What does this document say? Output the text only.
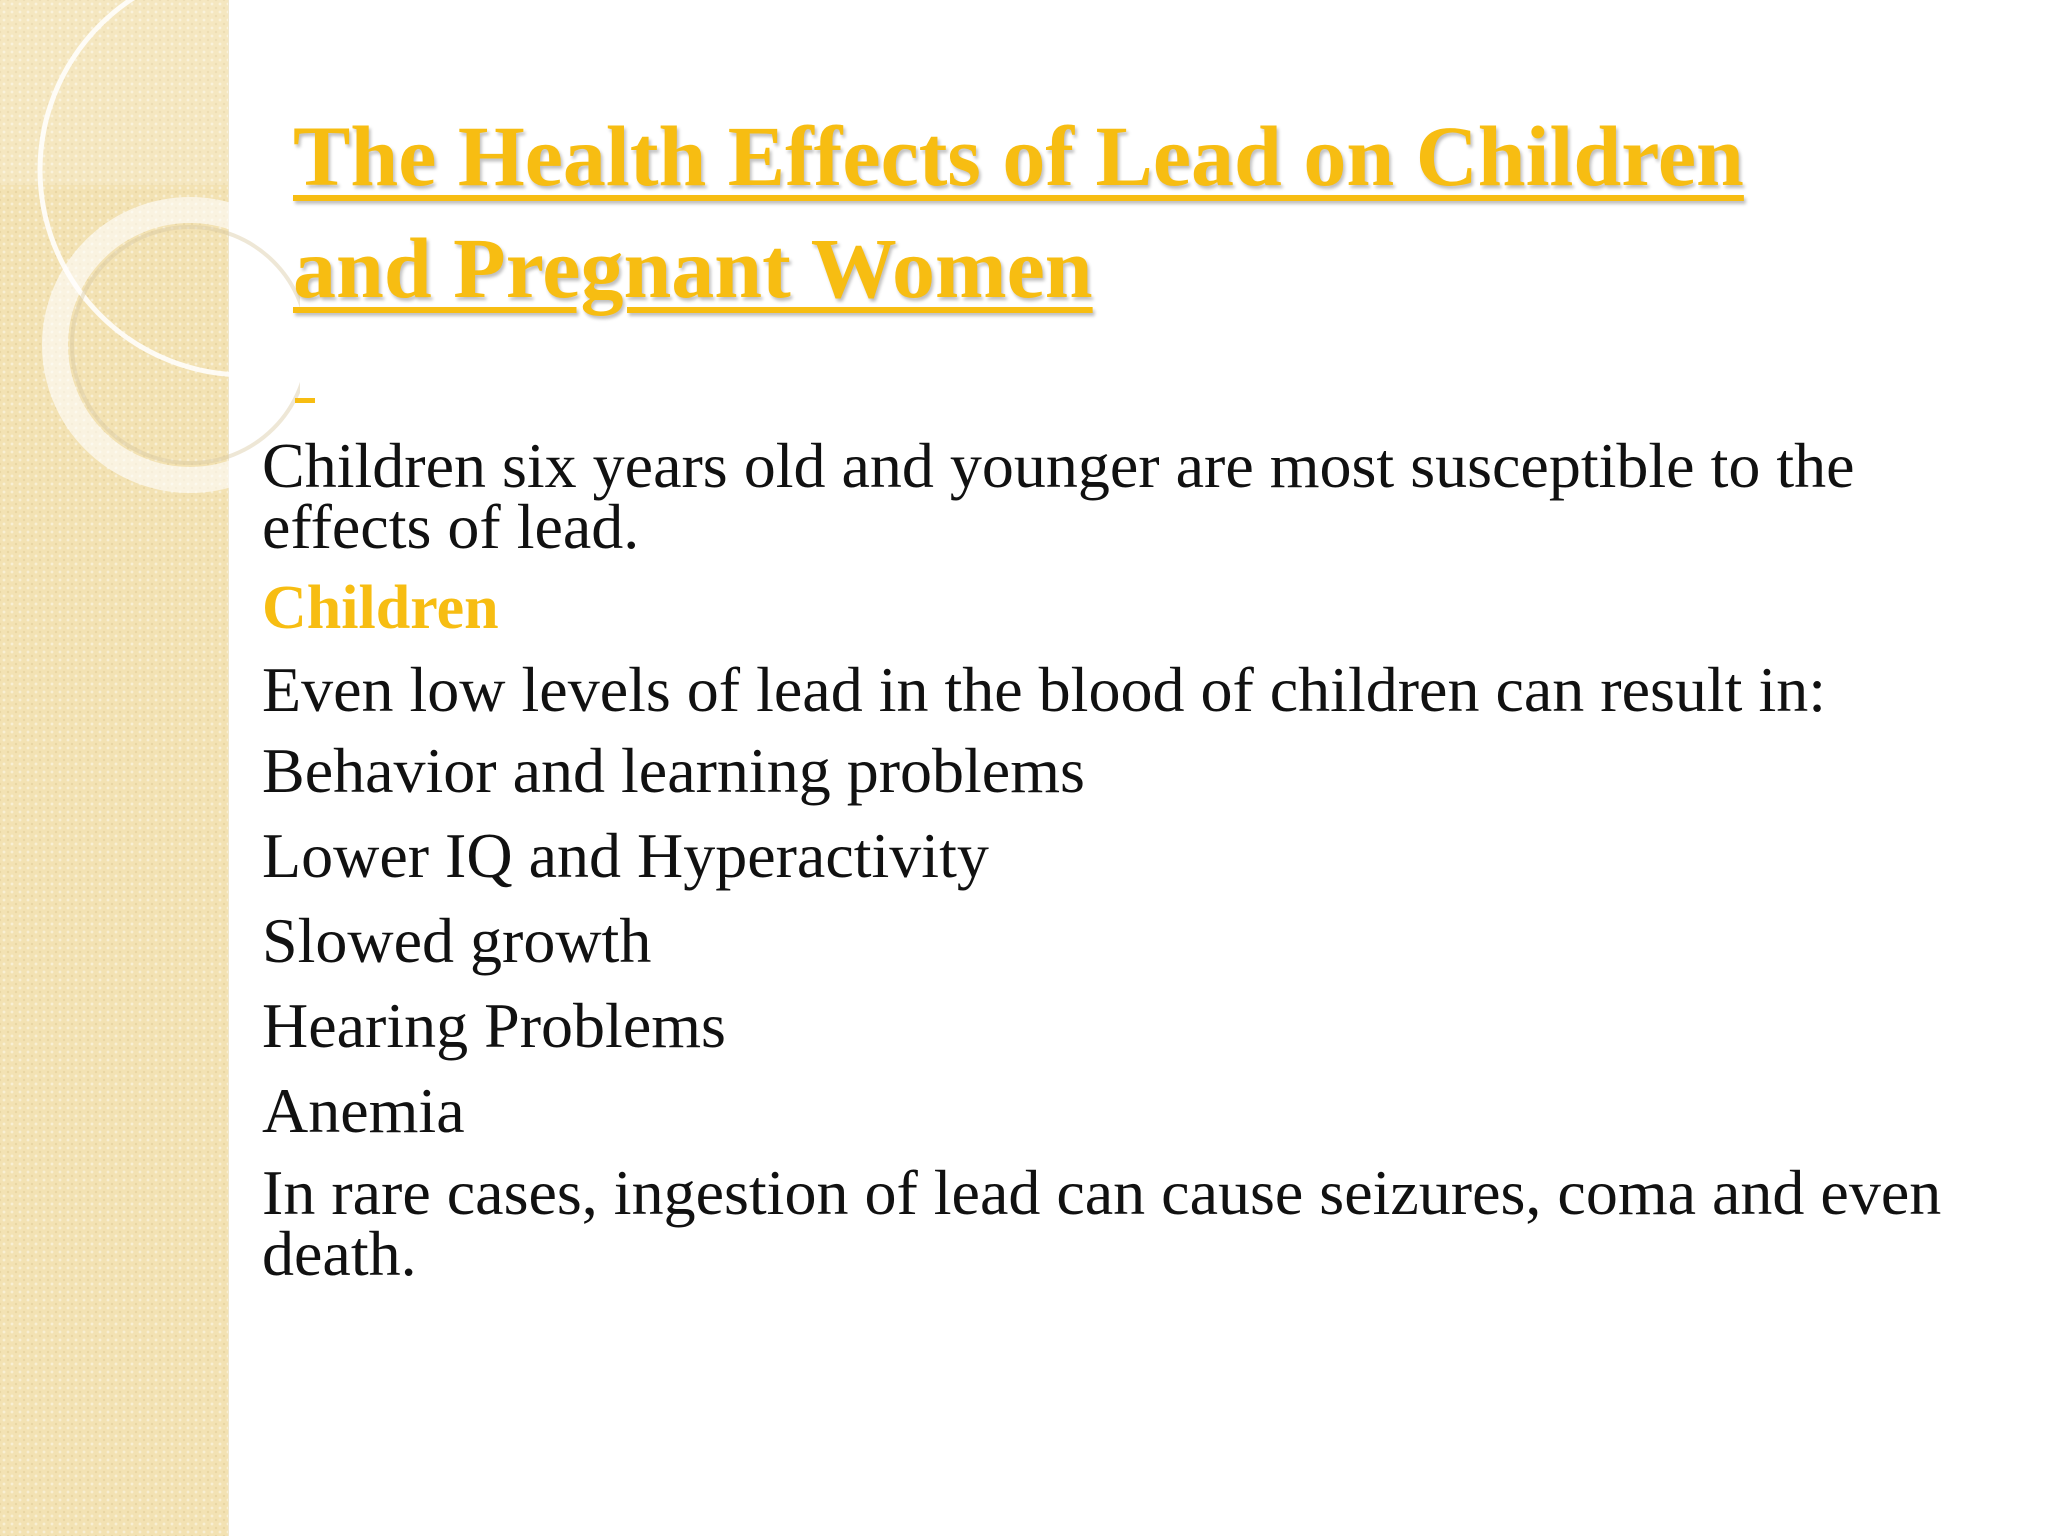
The Health Effects of Lead on Children
and Pregnant Women

Children six years old and younger are most susceptible to the effects of lead.

Children

Even low levels of lead in the blood of children can result in:

Behavior and learning problems

Lower IQ and Hyperactivity

Slowed growth

Hearing Problems

Anemia

In rare cases, ingestion of lead can cause seizures, coma and even death.
